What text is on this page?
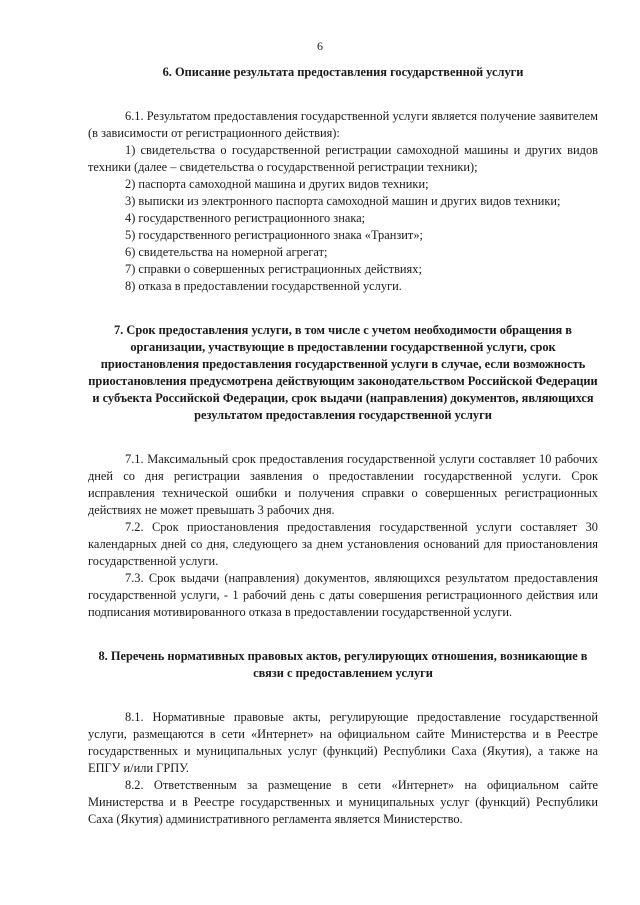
6
6. Описание результата предоставления государственной услуги

6.1. Результатом предоставления государственной услуги является получение заявителем (в зависимости от регистрационного действия):

1) свидетельства о государственной регистрации самоходной машины и других видов техники (далее – свидетельства о государственной регистрации техники);

2) паспорта самоходной машина и других видов техники;

3) выписки из электронного паспорта самоходной машин и других видов техники;

4) государственного регистрационного знака;

5) государственного регистрационного знака «Транзит»;

6) свидетельства на номерной агрегат;

7) справки о совершенных регистрационных действиях;

8) отказа в предоставлении государственной услуги.

7. Срок предоставления услуги, в том числе с учетом необходимости обращения в организации, участвующие в предоставлении государственной услуги, срок приостановления предоставления государственной услуги в случае, если возможность приостановления предусмотрена действующим законодательством Российской Федерации и субъекта Российской Федерации, срок выдачи (направления) документов, являющихся результатом предоставления государственной услуги

7.1. Максимальный срок предоставления государственной услуги составляет 10 рабочих дней со дня регистрации заявления о предоставлении государственной услуги. Срок исправления технической ошибки и получения справки о совершенных регистрационных действиях не может превышать 3 рабочих дня.

7.2. Срок приостановления предоставления государственной услуги составляет 30 календарных дней со дня, следующего за днем установления оснований для приостановления государственной услуги.

7.3. Срок выдачи (направления) документов, являющихся результатом предоставления государственной услуги, - 1 рабочий день с даты совершения регистрационного действия или подписания мотивированного отказа в предоставлении государственной услуги.

8. Перечень нормативных правовых актов, регулирующих отношения, возникающие в связи с предоставлением услуги

8.1. Нормативные правовые акты, регулирующие предоставление государственной услуги, размещаются в сети «Интернет» на официальном сайте Министерства и в Реестре государственных и муниципальных услуг (функций) Республики Саха (Якутия), а также на ЕПГУ и/или ГРПУ.

8.2. Ответственным за размещение в сети «Интернет» на официальном сайте Министерства и в Реестре государственных и муниципальных услуг (функций) Республики Саха (Якутия) административного регламента является Министерство.
